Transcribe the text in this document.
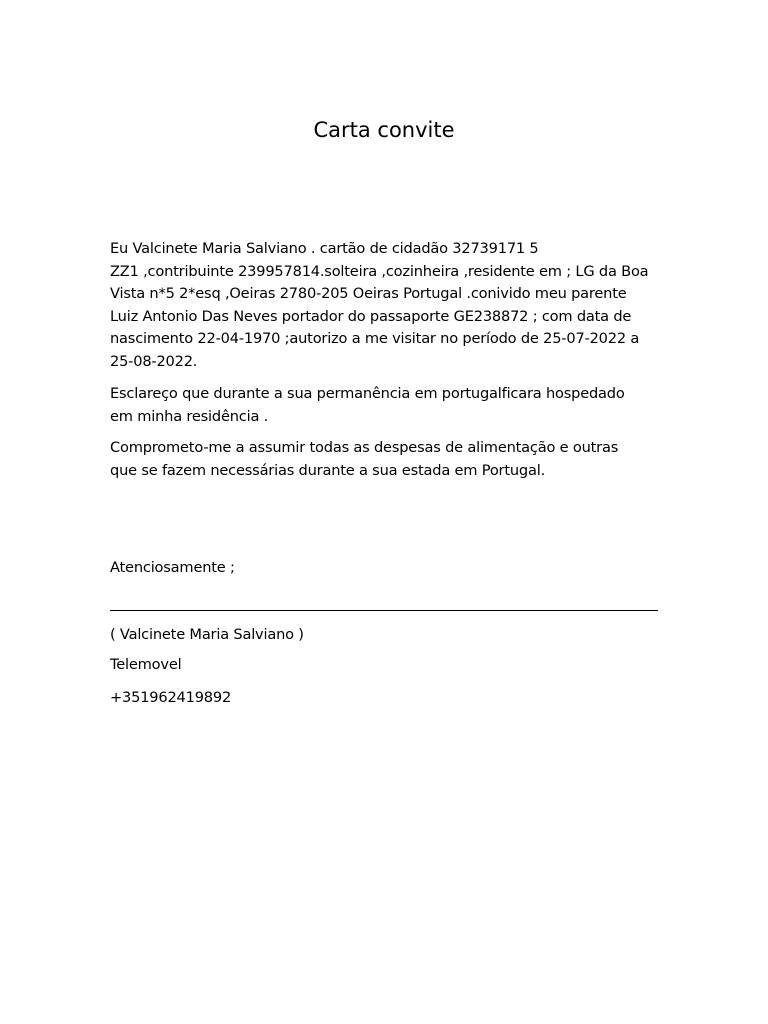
Carta convite

Eu Valcinete Maria Salviano . cartão de cidadão 32739171 5
ZZ1 ,contribuinte 239957814.solteira ,cozinheira ,residente em ; LG da Boa
Vista n*5 2*esq ,Oeiras 2780-205 Oeiras Portugal .conivido meu parente
Luiz Antonio Das Neves portador do passaporte GE238872 ; com data de
nascimento 22-04-1970 ;autorizo a me visitar no período de 25-07-2022 a
25-08-2022.

Esclareço que durante a sua permanência em portugalficara hospedado
em minha residência .

Comprometo-me a assumir todas as despesas de alimentação e outras
que se fazem necessárias durante a sua estada em Portugal.

Atenciosamente ;

( Valcinete Maria Salviano )

Telemovel

+351962419892
